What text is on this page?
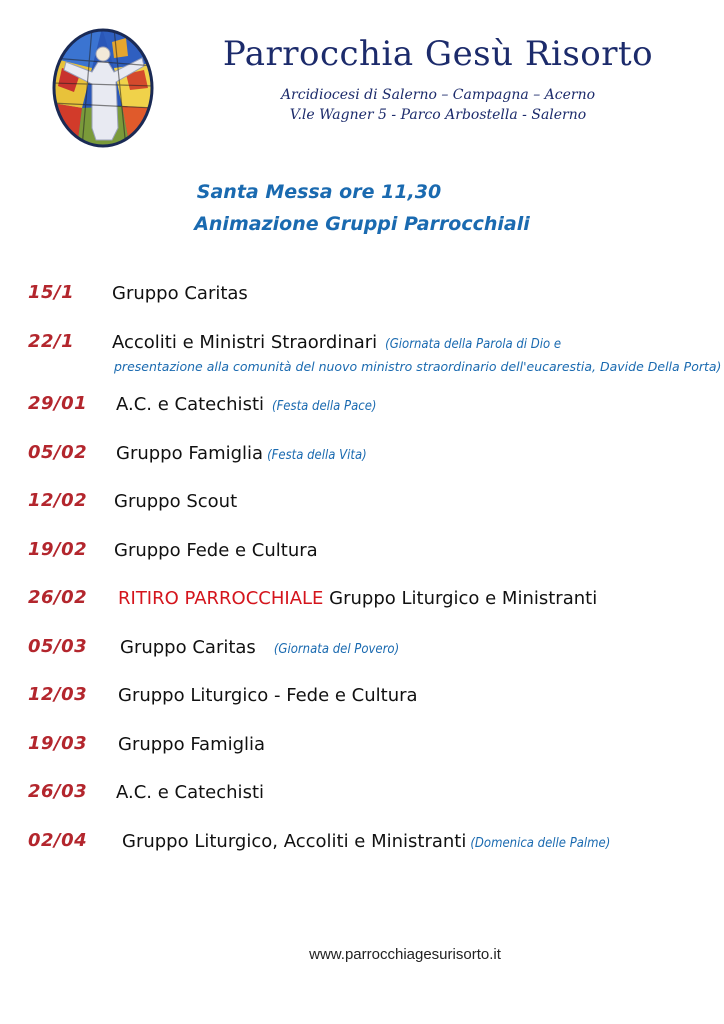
Parrocchia Gesù Risorto
Arcidiocesi di Salerno – Campagna – Acerno
V.le Wagner 5 - Parco Arbostella - Salerno
Santa Messa ore 11,30
Animazione Gruppi Parrocchiali
15/1 Gruppo Caritas
22/1 Accoliti e Ministri Straordinari (Giornata della Parola di Dio e
presentazione alla comunità del nuovo ministro straordinario dell'eucarestia, Davide Della Porta)
29/01 A.C. e Catechisti (Festa della Pace)
05/02 Gruppo Famiglia (Festa della Vita)
12/02 Gruppo Scout
19/02 Gruppo Fede e Cultura
26/02 RITIRO PARROCCHIALE Gruppo Liturgico e Ministranti
05/03 Gruppo Caritas (Giornata del Povero)
12/03 Gruppo Liturgico - Fede e Cultura
19/03 Gruppo Famiglia
26/03 A.C. e Catechisti
02/04 Gruppo Liturgico, Accoliti e Ministranti (Domenica delle Palme)
www.parrocchiagesurisorto.it
